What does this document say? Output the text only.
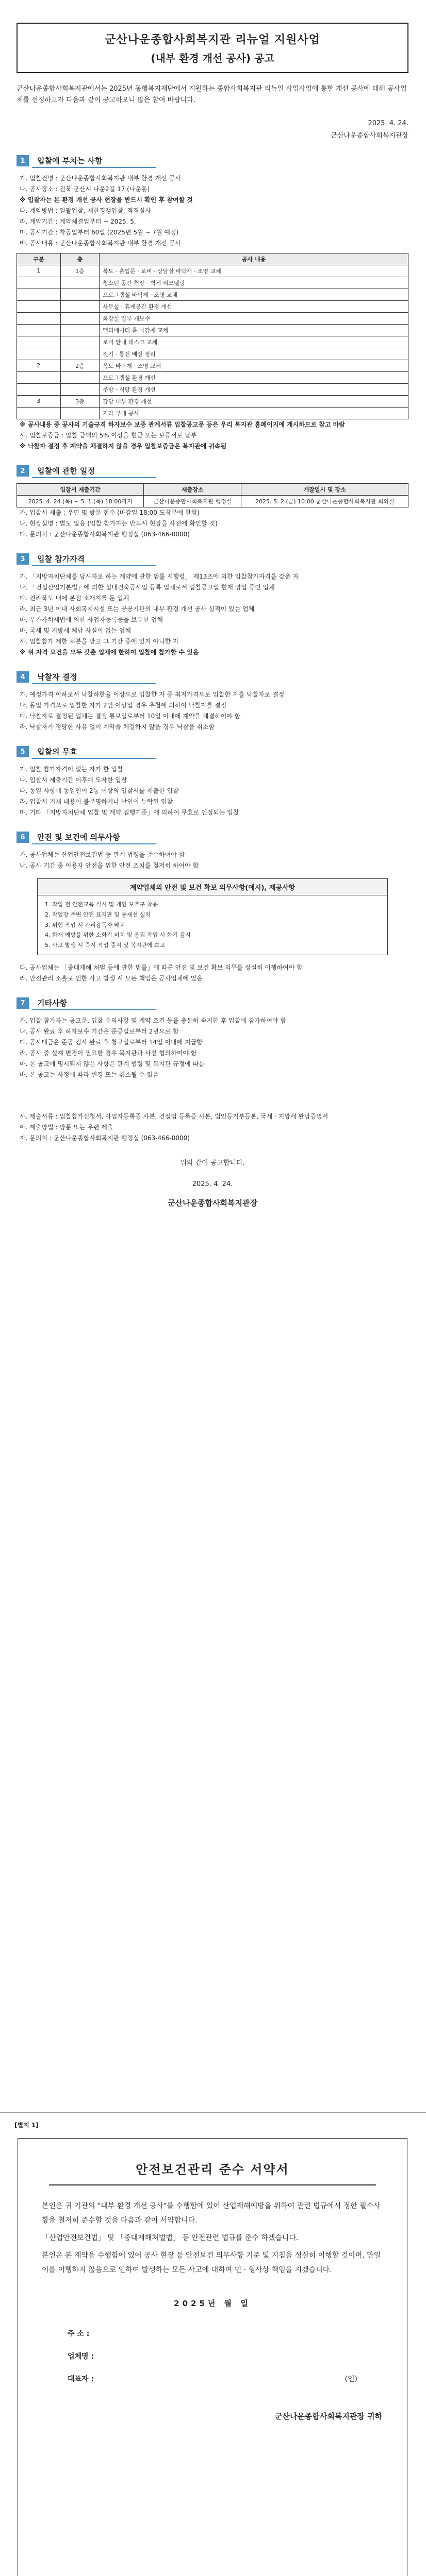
군산나운종합사회복지관 리뉴얼 지원사업
(내부 환경 개선 공사) 공고
군산나운종합사회복지관에서는 2025년 동행복지재단에서 지원하는 종합사회복지관 리뉴얼 사업사업에 통한 개선 공사에 대해 공사업체를 선정하고자 다음과 같이 공고하오니 많은 참여 바랍니다.
2025. 4. 24.
군산나운종합사회복지관장
1	입찰에 부치는 사항
가. 입찰건명 : 군산나운종합사회복지관 내부 환경 개선 공사
나. 공사장소 : 전북 군산시 나운2길 17 (나운동)
※ 입찰자는 본 환경 개선 공사 현장을 반드시 확인 후 참여할 것
다. 계약방법 : 일괄입찰, 제한경쟁입찰, 적격심사
라. 계약기간 : 계약체결일부터 ~ 2025. 5.
마. 공사기간 : 착공일부터 60일 (2025년 5월 ~ 7월 예정)
바. 공사내용 : 군산나운종합사회복지관 내부 환경 개선 공사
구분	층	공사 내용
1	1층	복도 · 출입문 · 로비 · 상담실 바닥재 · 조명 교체
		청소년 공간 천장 · 벽체 리모델링
		프로그램실 바닥재 · 조명 교체
		사무실 · 휴게공간 환경 개선
		화장실 일부 개보수
		엘리베이터 홀 마감재 교체
		로비 안내 데스크 교체
		전기 · 통신 배선 정리
2	2층	복도 바닥재 · 조명 교체
		프로그램실 환경 개선
		주방 · 식당 환경 개선
3	3층	강당 내부 환경 개선
		기타 부대 공사
※ 공사내용 중 공사의 기술규격 하자보수 보증 관계서류 입찰공고문 등은 우리 복지관 홈페이지에 게시하므로 참고 바람
사. 입찰보증금 : 입찰 금액의 5% 이상을 현금 또는 보증서로 납부
※ 낙찰자 결정 후 계약을 체결하지 않을 경우 입찰보증금은 복지관에 귀속됨
2	입찰에 관한 일정
입찰서 제출기간	제출장소	개찰일시 및 장소
2025. 4. 24.(목) ~ 5. 1.(목) 18:00까지	군산나운종합사회복지관 행정실	2025. 5. 2.(금) 10:00 군산나운종합사회복지관 회의실
가. 입찰서 제출 : 우편 및 방문 접수 (마감일 18:00 도착분에 한함)
나. 현장설명 : 별도 없음 (입찰 참가자는 반드시 현장을 사전에 확인할 것)
다. 문의처 : 군산나운종합사회복지관 행정실 (063-466-0000)
3	입찰 참가자격
가. 「지방자치단체를 당사자로 하는 계약에 관한 법률 시행령」 제13조에 의한 입찰참가자격을 갖춘 자
나. 「건설산업기본법」에 의한 실내건축공사업 등록 업체로서 입찰공고일 현재 영업 중인 업체
다. 전라북도 내에 본점 소재지를 둔 업체
라. 최근 3년 이내 사회복지시설 또는 공공기관의 내부 환경 개선 공사 실적이 있는 업체
마. 부가가치세법에 의한 사업자등록증을 보유한 업체
바. 국세 및 지방세 체납 사실이 없는 업체
사. 입찰참가 제한 처분을 받고 그 기간 중에 있지 아니한 자
※ 위 자격 요건을 모두 갖춘 업체에 한하여 입찰에 참가할 수 있음
4	낙찰자 결정
가. 예정가격 이하로서 낙찰하한율 이상으로 입찰한 자 중 최저가격으로 입찰한 자를 낙찰자로 결정
나. 동일 가격으로 입찰한 자가 2인 이상일 경우 추첨에 의하여 낙찰자를 결정
다. 낙찰자로 결정된 업체는 결정 통보일로부터 10일 이내에 계약을 체결하여야 함
라. 낙찰자가 정당한 사유 없이 계약을 체결하지 않을 경우 낙찰을 취소함
5	입찰의 무효
가. 입찰 참가자격이 없는 자가 한 입찰
나. 입찰서 제출기간 이후에 도착한 입찰
다. 동일 사항에 동일인이 2통 이상의 입찰서를 제출한 입찰
라. 입찰서 기재 내용이 불분명하거나 날인이 누락된 입찰
마. 기타 「지방자치단체 입찰 및 계약 집행기준」에 의하여 무효로 인정되는 입찰
6	안전 및 보건에 의무사항
가. 공사업체는 산업안전보건법 등 관계 법령을 준수하여야 함
나. 공사 기간 중 이용자 안전을 위한 안전 조치를 철저히 하여야 함
계약업체의 안전 및 보건 확보 의무사항(예시), 제공사항
1. 작업 전 안전교육 실시 및 개인 보호구 착용
2. 작업장 주변 안전 표지판 및 통제선 설치
3. 위험 작업 시 관리감독자 배치
4. 화재 예방을 위한 소화기 비치 및 용접 작업 시 화기 감시
5. 사고 발생 시 즉시 작업 중지 및 복지관에 보고
다. 공사업체는 「중대재해 처벌 등에 관한 법률」에 따른 안전 및 보건 확보 의무를 성실히 이행하여야 함
라. 안전관리 소홀로 인한 사고 발생 시 모든 책임은 공사업체에 있음
7	기타사항
가. 입찰 참가자는 공고문, 입찰 유의사항 및 계약 조건 등을 충분히 숙지한 후 입찰에 참가하여야 함
나. 공사 완료 후 하자보수 기간은 준공일로부터 2년으로 함
다. 공사대금은 준공 검사 완료 후 청구일로부터 14일 이내에 지급함
라. 공사 중 설계 변경이 필요한 경우 복지관과 사전 협의하여야 함
마. 본 공고에 명시되지 않은 사항은 관계 법령 및 복지관 규정에 따름
바. 본 공고는 사정에 따라 변경 또는 취소될 수 있음
사. 제출서류 : 입찰참가신청서, 사업자등록증 사본, 건설업 등록증 사본, 법인등기부등본, 국세 · 지방세 완납증명서
아. 제출방법 : 방문 또는 우편 제출
자. 문의처 : 군산나운종합사회복지관 행정실 (063-466-0000)
위와 같이 공고합니다.
2025. 4. 24.
군산나운종합사회복지관장
[별지 1]
안전보건관리 준수 서약서

본인은 귀 기관의 "내부 환경 개선 공사"를 수행함에 있어 산업재해예방을 위하여 관련 법규에서 정한 필수사항을 철저히 준수할 것을 다음과 같이 서약합니다.

「산업안전보건법」 및 「중대재해처벌법」 등 안전관련 법규를 준수 하겠습니다.

본인은 본 계약을 수행함에 있어 공사 현장 등 안전보건 의무사항 기준 및 지침을 성실히 이행할 것이며, 만일 이를 이행하지 않음으로 인하여 발생하는 모든 사고에 대하여 민 · 형사상 책임을 지겠습니다.

2025년 월 일
주 소 :
업체명 :
대표자 :	(인)
군산나운종합사회복지관장 귀하
